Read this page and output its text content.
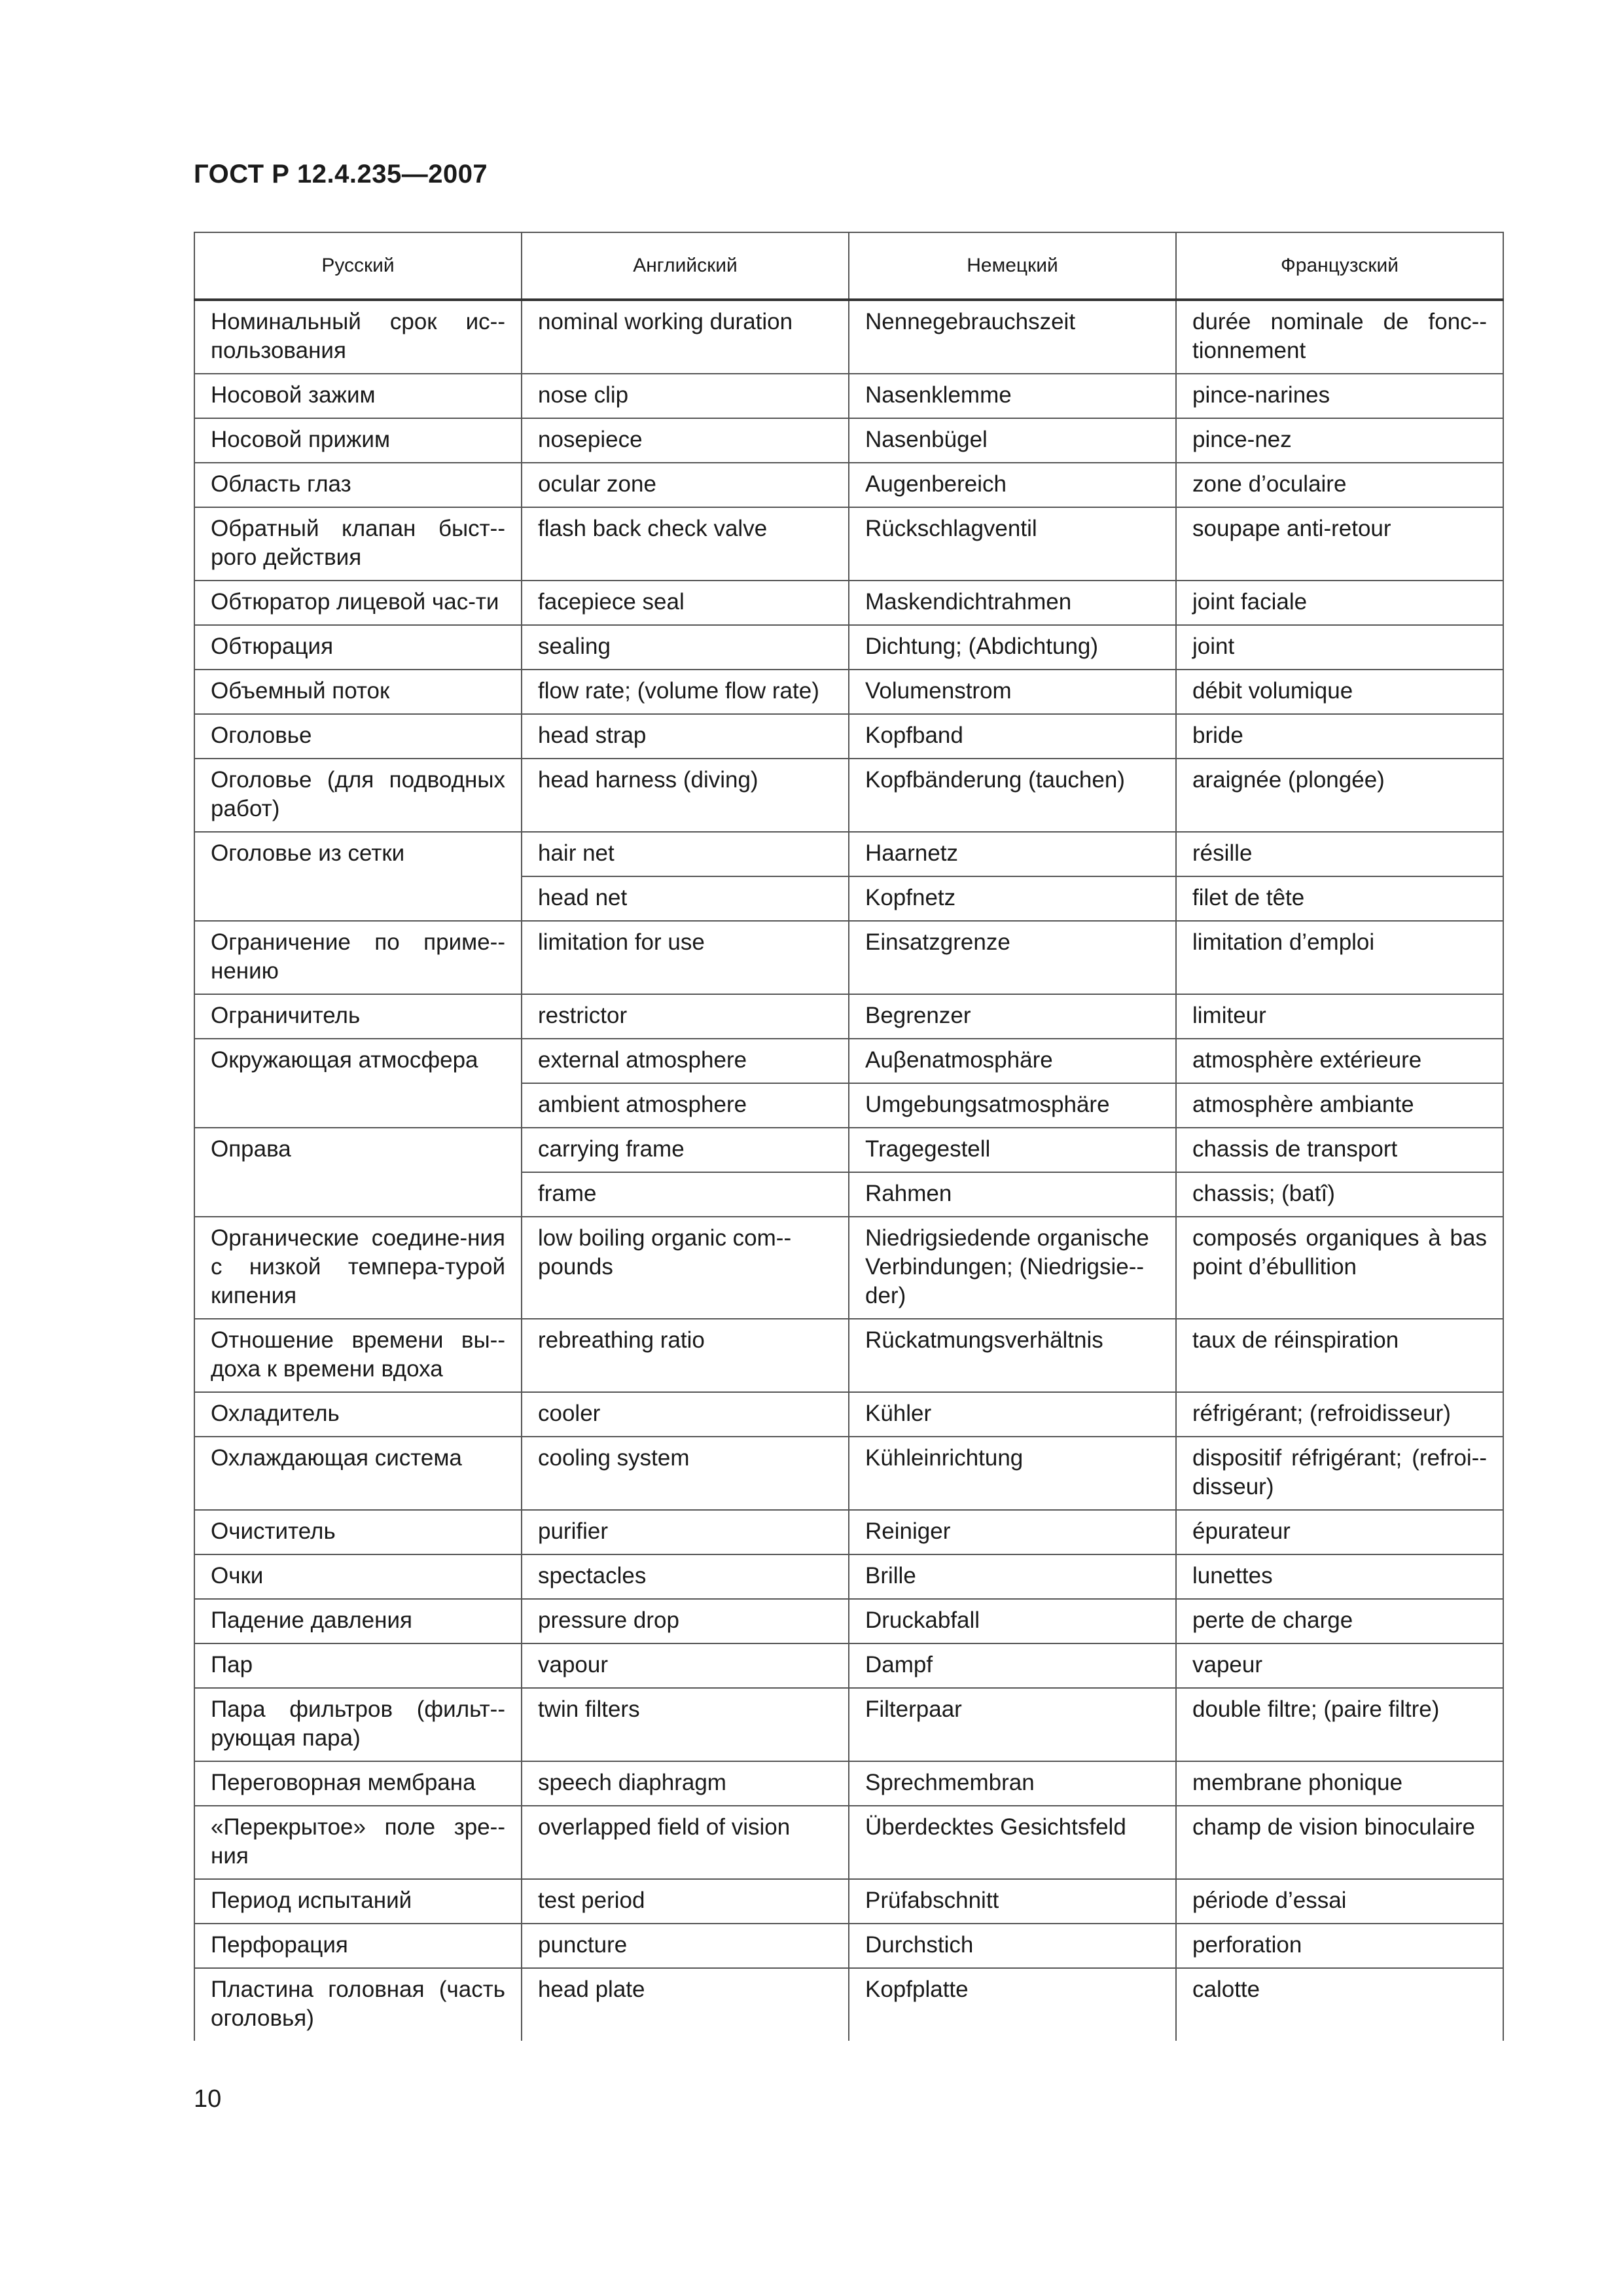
ГОСТ Р 12.4.235—2007
Русский	Английский	Немецкий	Французский
Номинальный срок ис-пользования	nominal working duration	Nennegebrauchszeit	durée nominale de fonc-tionnement
Носовой зажим	nose clip	Nasenklemme	pince-narines
Носовой прижим	nosepiece	Nasenbügel	pince-nez
Область глаз	ocular zone	Augenbereich	zone d’oculaire
Обратный клапан быст-рого действия	flash back check valve	Rückschlagventil	soupape anti-retour
Обтюратор лицевой час-ти	facepiece seal	Maskendichtrahmen	joint faciale
Обтюрация	sealing	Dichtung; (Abdichtung)	joint
Объемный поток	flow rate; (volume flow rate)	Volumenstrom	débit volumique
Оголовье	head strap	Kopfband	bride
Оголовье (для подводных работ)	head harness (diving)	Kopfbänderung (tauchen)	araignée (plongée)
Оголовье из сетки	hair net	Haarnetz	résille
	head net	Kopfnetz	filet de tête
Ограничение по приме-нению	limitation for use	Einsatzgrenze	limitation d’emploi
Ограничитель	restrictor	Begrenzer	limiteur
Окружающая атмосфера	external atmosphere	Auβenatmosphäre	atmosphère extérieure
	ambient atmosphere	Umgebungsatmosphäre	atmosphère ambiante
Оправа	carrying frame	Tragegestell	chassis de transport
	frame	Rahmen	chassis; (batî)
Органические соедине-ния с низкой темпера-турой кипения	low boiling organic com-pounds	Niedrigsiedende organische Verbindungen; (Niedrigsie-der)	composés organiques à bas point d’ébullition
Отношение времени вы-доха к времени вдоха	rebreathing ratio	Rückatmungsverhältnis	taux de réinspiration
Охладитель	cooler	Kühler	réfrigérant; (refroidisseur)
Охлаждающая система	cooling system	Kühleinrichtung	dispositif réfrigérant; (refroi-disseur)
Очиститель	purifier	Reiniger	épurateur
Очки	spectacles	Brille	lunettes
Падение давления	pressure drop	Druckabfall	perte de charge
Пар	vapour	Dampf	vapeur
Пара фильтров (фильт-рующая пара)	twin filters	Filterpaar	double filtre; (paire filtre)
Переговорная мембрана	speech diaphragm	Sprechmembran	membrane phonique
«Перекрытое» поле зре-ния	overlapped field of vision	Überdecktes Gesichtsfeld	champ de vision binoculaire
Период испытаний	test period	Prüfabschnitt	période d’essai
Перфорация	puncture	Durchstich	perforation
Пластина головная (часть оголовья)	head plate	Kopfplatte	calotte
10
